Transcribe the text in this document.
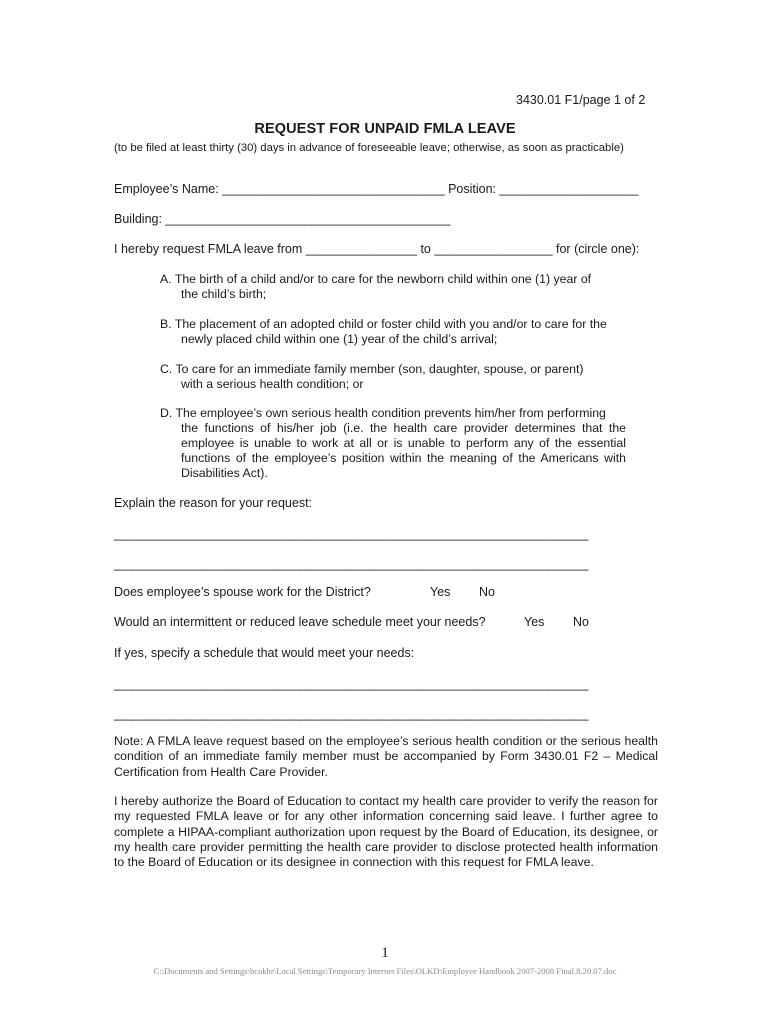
3430.01 F1/page 1 of 2
REQUEST FOR UNPAID FMLA LEAVE
(to be filed at least thirty (30) days in advance of foreseeable leave; otherwise, as soon as practicable)
Employee’s Name: ________________________________ Position: ____________________
Building: _________________________________________
I hereby request FMLA leave from ________________ to _________________ for (circle one):
A. The birth of a child and/or to care for the newborn child within one (1) year of
the child’s birth;
B. The placement of an adopted child or foster child with you and/or to care for the
newly placed child within one (1) year of the child’s arrival;
C. To care for an immediate family member (son, daughter, spouse, or parent)
with a serious health condition; or
D. The employee’s own serious health condition prevents him/her from performing
the functions of his/her job (i.e. the health care provider determines that the employee is unable to work at all or is unable to perform any of the essential functions of the employee’s position within the meaning of the Americans with Disabilities Act).
Explain the reason for your request:
_________________________________________________________________
_________________________________________________________________
Does employee’s spouse work for the District?	Yes No
Would an intermittent or reduced leave schedule meet your needs?	Yes No
If yes, specify a schedule that would meet your needs:
_________________________________________________________________
_________________________________________________________________
Note: A FMLA leave request based on the employee’s serious health condition or the serious health condition of an immediate family member must be accompanied by Form 3430.01 F2 – Medical Certification from Health Care Provider.
I hereby authorize the Board of Education to contact my health care provider to verify the reason for my requested FMLA leave or for any other information concerning said leave. I further agree to complete a HIPAA-compliant authorization upon request by the Board of Education, its designee, or my health care provider permitting the health care provider to disclose protected health information to the Board of Education or its designee in connection with this request for FMLA leave.
1
C:\Documents and Settings\bcokhr\Local Settings\Temporary Internet Files\OLKD\Employee Handbook 2007-2008 Final.8.20.07.doc
